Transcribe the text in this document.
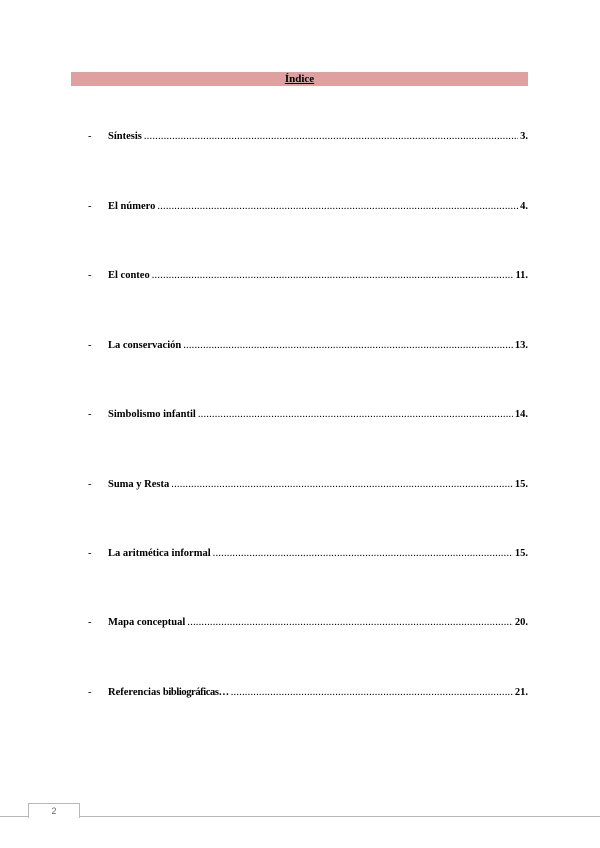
Índice
-	Síntesis .....	3.
-	El número .....	4.
-	El conteo .....	11.
-	La conservación .....	13.
-	Simbolismo infantil .....	14.
-	Suma y Resta .....	15.
-	La aritmética informal .....	15.
-	Mapa conceptual .....	20.
-	Referencias bibliográficas… .....	21.
2
